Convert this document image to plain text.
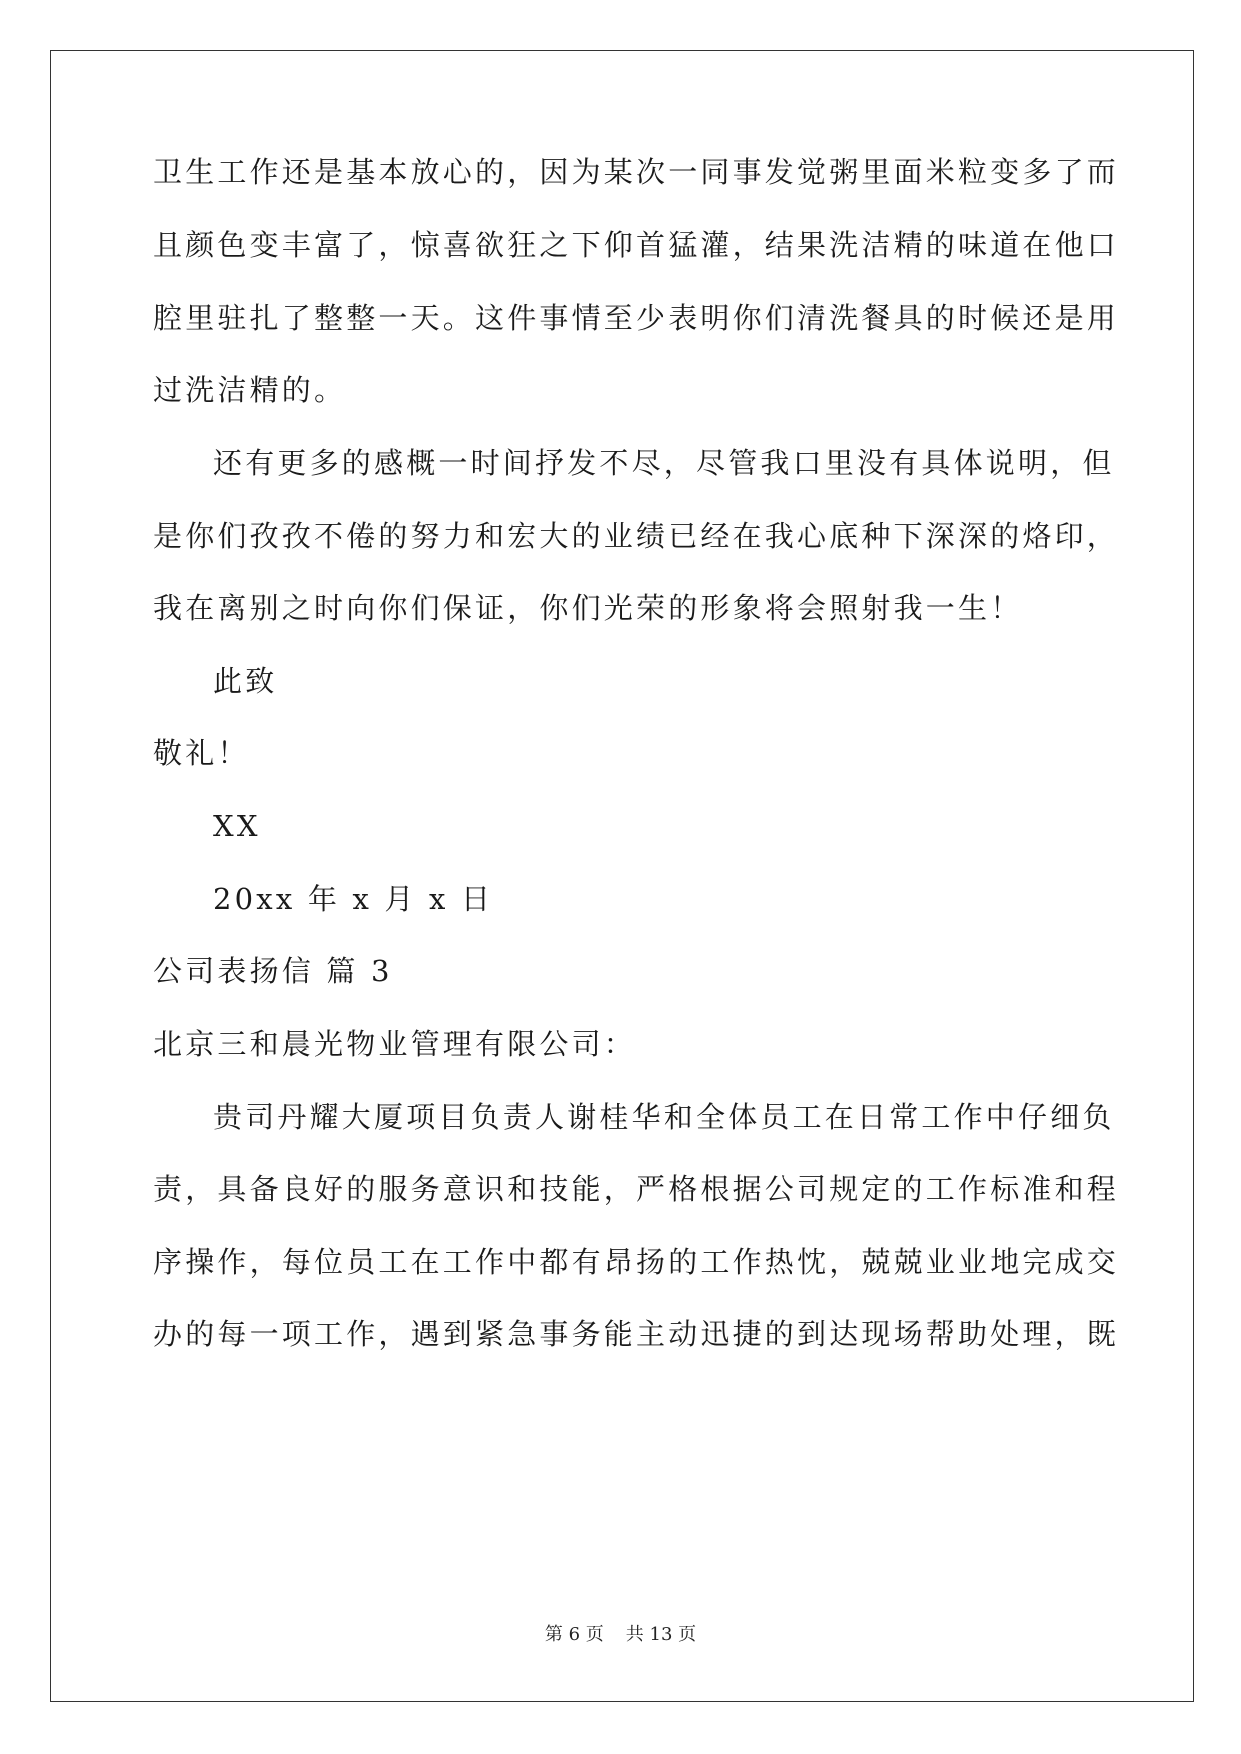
卫生工作还是基本放心的，因为某次一同事发觉粥里面米粒变多了而
且颜色变丰富了，惊喜欲狂之下仰首猛灌，结果洗洁精的味道在他口
腔里驻扎了整整一天。这件事情至少表明你们清洗餐具的时候还是用
过洗洁精的。
还有更多的感概一时间抒发不尽，尽管我口里没有具体说明，但
是你们孜孜不倦的努力和宏大的业绩已经在我心底种下深深的烙印，
我在离别之时向你们保证，你们光荣的形象将会照射我一生！
此致
敬礼！
XX
20xx 年 x 月 x 日
公司表扬信 篇 3
北京三和晨光物业管理有限公司：
贵司丹耀大厦项目负责人谢桂华和全体员工在日常工作中仔细负
责，具备良好的服务意识和技能，严格根据公司规定的工作标准和程
序操作，每位员工在工作中都有昂扬的工作热忱，兢兢业业地完成交
办的每一项工作，遇到紧急事务能主动迅捷的到达现场帮助处理，既
第 6 页 共 13 页
